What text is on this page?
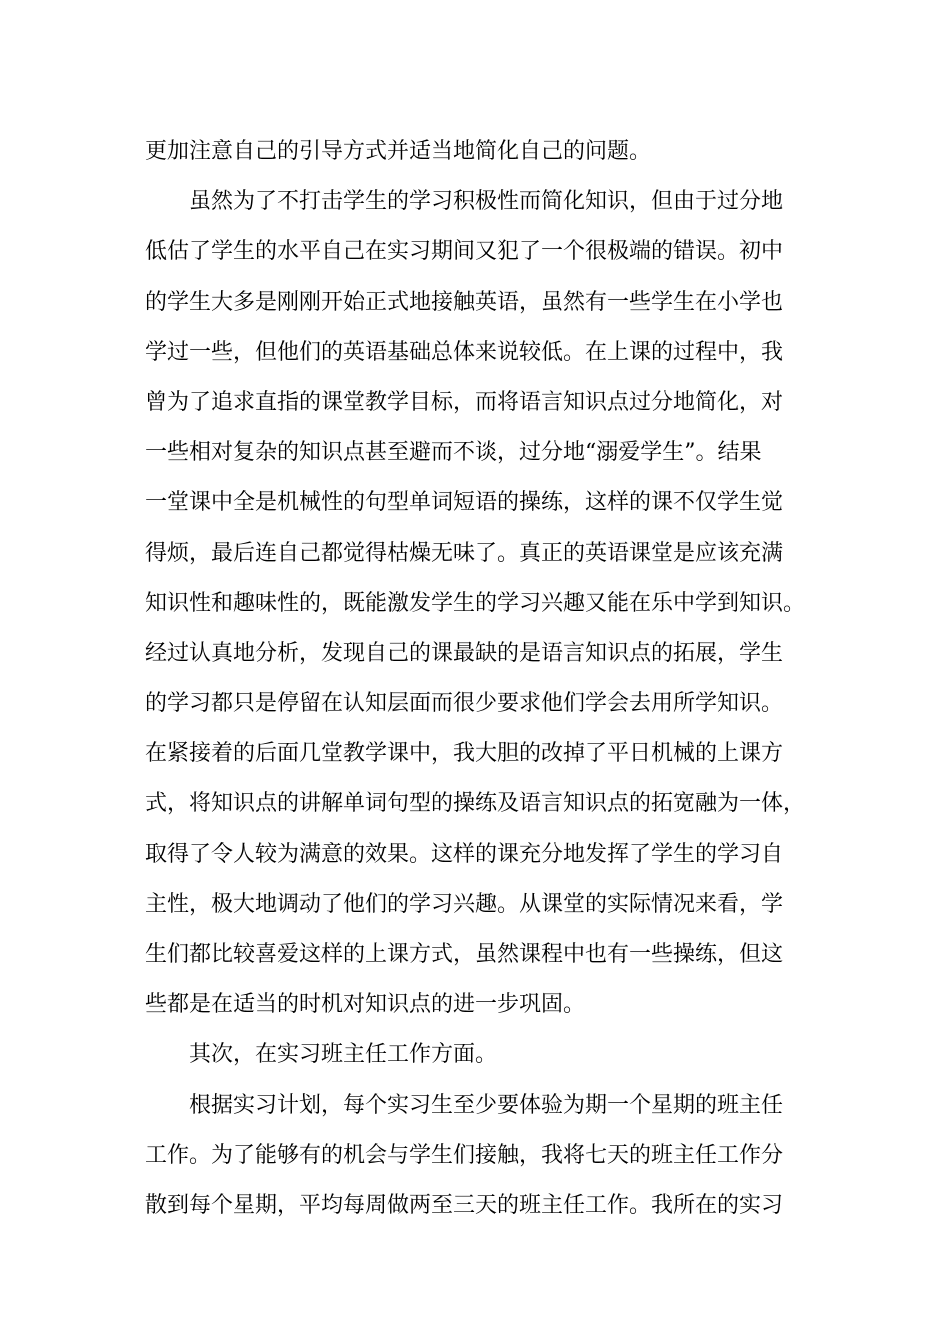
更加注意自己的引导方式并适当地简化自己的问题。
虽然为了不打击学生的学习积极性而简化知识，但由于过分地
低估了学生的水平自己在实习期间又犯了一个很极端的错误。初中
的学生大多是刚刚开始正式地接触英语，虽然有一些学生在小学也
学过一些，但他们的英语基础总体来说较低。在上课的过程中，我
曾为了追求直指的课堂教学目标，而将语言知识点过分地简化，对
一些相对复杂的知识点甚至避而不谈，过分地“溺爱学生”。结果
一堂课中全是机械性的句型单词短语的操练，这样的课不仅学生觉
得烦，最后连自己都觉得枯燥无味了。真正的英语课堂是应该充满
知识性和趣味性的，既能激发学生的学习兴趣又能在乐中学到知识。
经过认真地分析，发现自己的课最缺的是语言知识点的拓展，学生
的学习都只是停留在认知层面而很少要求他们学会去用所学知识。
在紧接着的后面几堂教学课中，我大胆的改掉了平日机械的上课方
式，将知识点的讲解单词句型的操练及语言知识点的拓宽融为一体，
取得了令人较为满意的效果。这样的课充分地发挥了学生的学习自
主性，极大地调动了他们的学习兴趣。从课堂的实际情况来看，学
生们都比较喜爱这样的上课方式，虽然课程中也有一些操练，但这
些都是在适当的时机对知识点的进一步巩固。
其次，在实习班主任工作方面。
根据实习计划，每个实习生至少要体验为期一个星期的班主任
工作。为了能够有的机会与学生们接触，我将七天的班主任工作分
散到每个星期，平均每周做两至三天的班主任工作。我所在的实习
